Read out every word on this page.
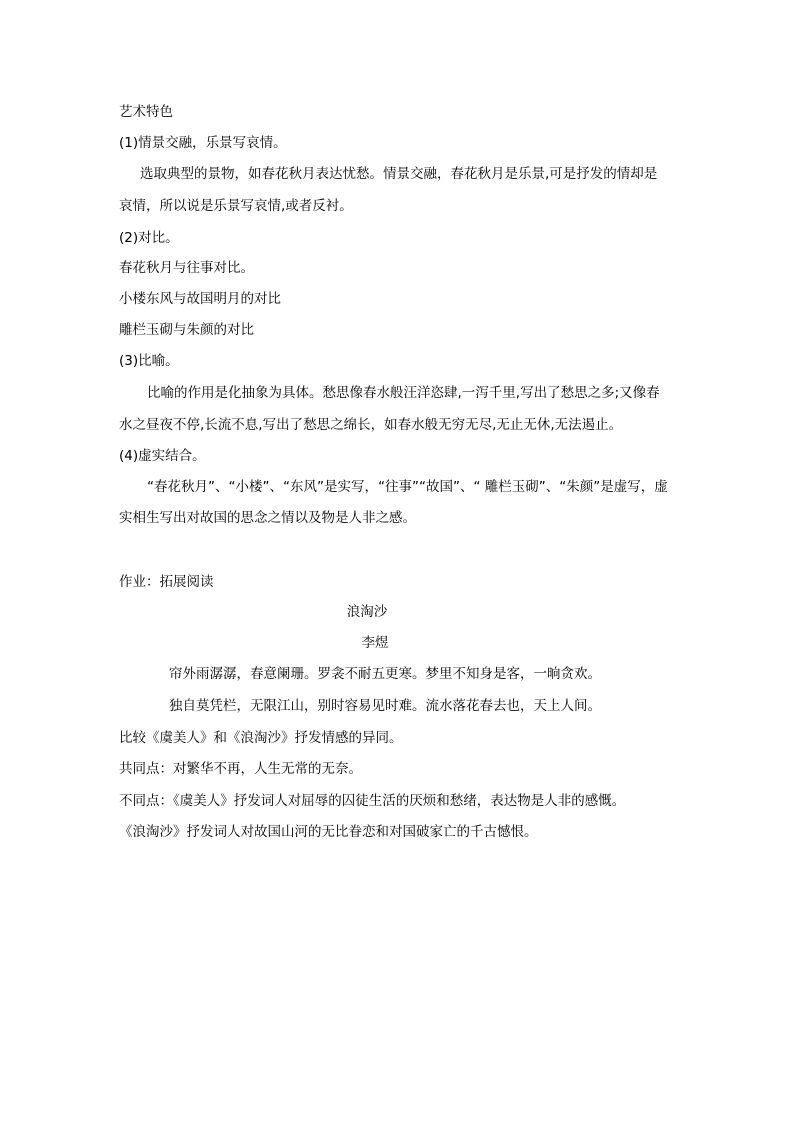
艺术特色
(1)情景交融，乐景写哀情。
选取典型的景物，如春花秋月表达忧愁。情景交融，春花秋月是乐景,可是抒发的情却是
哀情，所以说是乐景写哀情,或者反衬。
(2)对比。
春花秋月与往事对比。
小楼东风与故国明月的对比
雕栏玉砌与朱颜的对比
(3)比喻。
比喻的作用是化抽象为具体。愁思像春水般汪洋恣肆,一泻千里,写出了愁思之多;又像春
水之昼夜不停,长流不息,写出了愁思之绵长，如春水般无穷无尽,无止无休,无法遏止。
(4)虚实结合。
“春花秋月”、“小楼”、“东风”是实写，“往事”“故国”、“ 雕栏玉砌”、“朱颜”是虚写，虚
实相生写出对故国的思念之情以及物是人非之感。
作业：拓展阅读
浪淘沙
李煜
帘外雨潺潺，春意阑珊。罗衾不耐五更寒。梦里不知身是客，一晌贪欢。
独自莫凭栏，无限江山，别时容易见时难。流水落花春去也，天上人间。
比较《虞美人》和《浪淘沙》抒发情感的异同。
共同点：对繁华不再，人生无常的无奈。
不同点：《虞美人》抒发词人对屈辱的囚徒生活的厌烦和愁绪，表达物是人非的感慨。
《浪淘沙》抒发词人对故国山河的无比眷恋和对国破家亡的千古憾恨。
